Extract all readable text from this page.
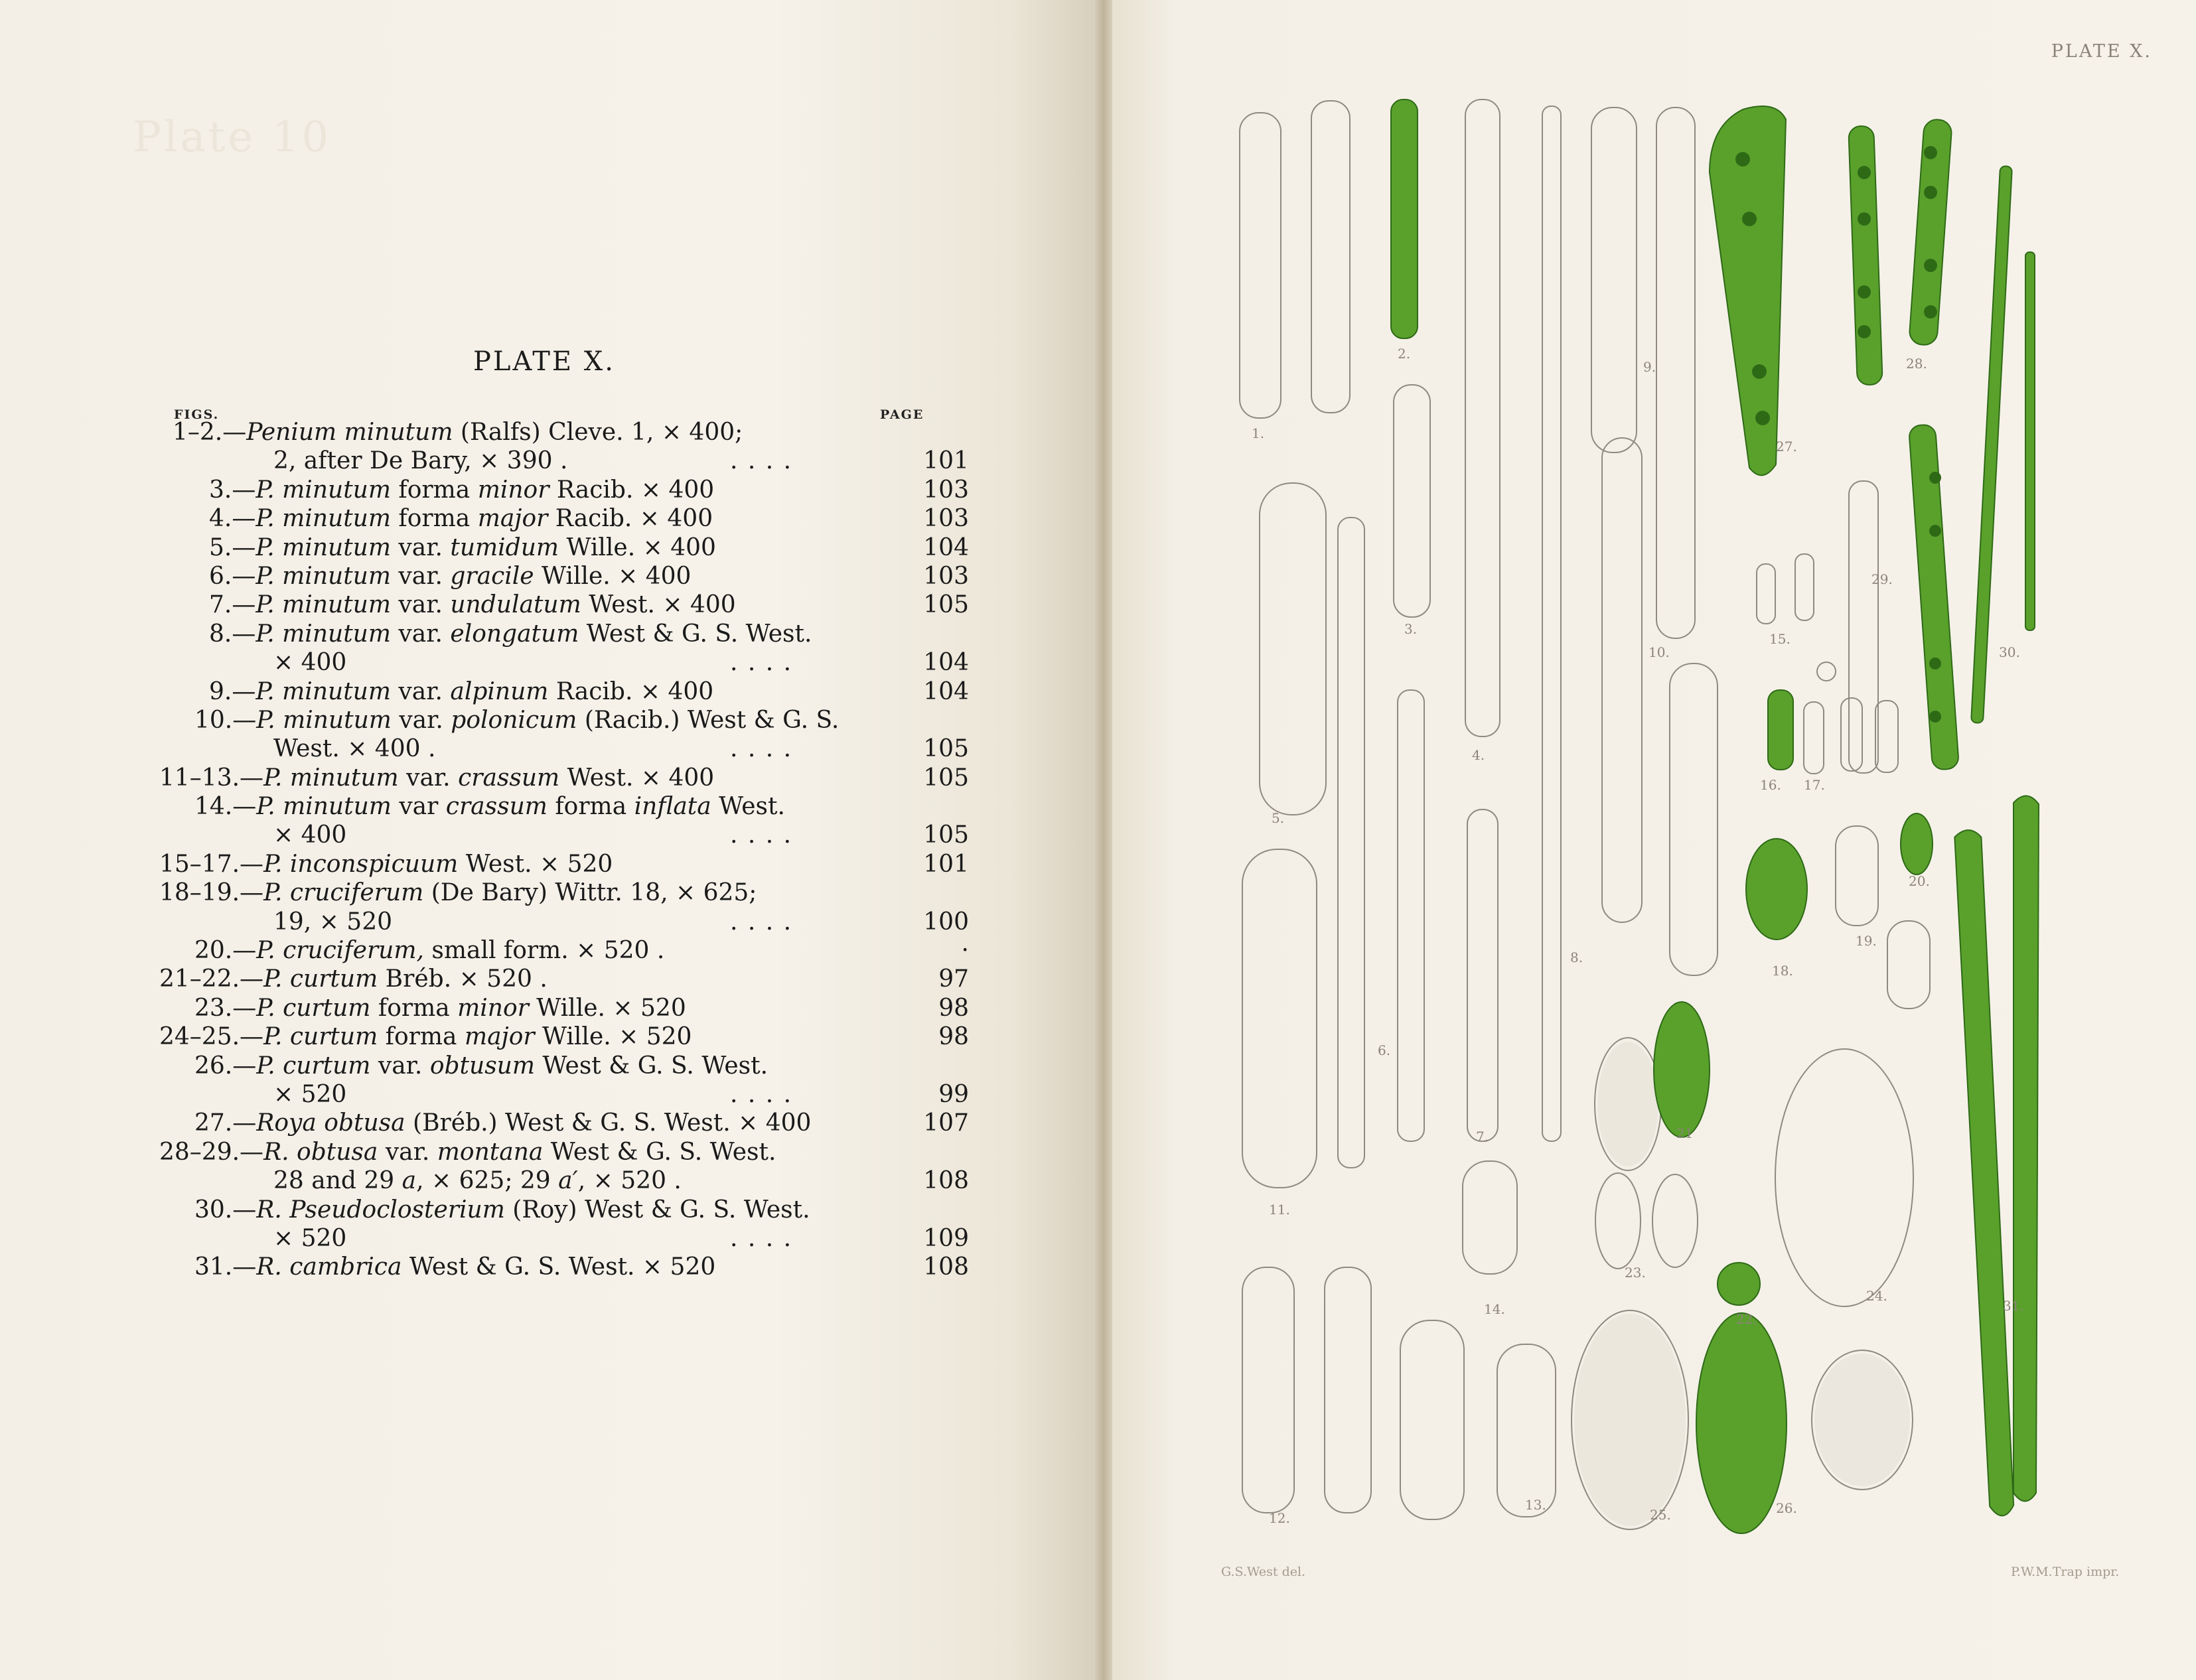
Plate 10
PLATE X.
FIGS.	PAGE
1–2.—Penium minutum (Ralfs) Cleve. 1, × 400;
2, after De Bary, × 390 .	. . . .	101
3.—P. minutum forma minor Racib. × 400	103
4.—P. minutum forma major Racib. × 400	103
5.—P. minutum var. tumidum Wille. × 400	104
6.—P. minutum var. gracile Wille. × 400	103
7.—P. minutum var. undulatum West. × 400	105
8.—P. minutum var. elongatum West & G. S. West.
× 400	. . . .	104
9.—P. minutum var. alpinum Racib. × 400	104
10.—P. minutum var. polonicum (Racib.) West & G. S.
West. × 400 .	. . . .	105
11–13.—P. minutum var. crassum West. × 400	105
14.—P. minutum var crassum forma inflata West.
× 400	. . . .	105
15–17.—P. inconspicuum West. × 520	101
18–19.—P. cruciferum (De Bary) Wittr. 18, × 625;
19, × 520	. . . .	100
20.—P. cruciferum, small form. × 520 .	·
21–22.—P. curtum Bréb. × 520 .	97
23.—P. curtum forma minor Wille. × 520	98
24–25.—P. curtum forma major Wille. × 520	98
26.—P. curtum var. obtusum West & G. S. West.
× 520	. . . .	99
27.—Roya obtusa (Bréb.) West & G. S. West. × 400	107
28–29.—R. obtusa var. montana West & G. S. West.
28 and 29 a, × 625; 29 a′, × 520 .	108
30.—R. Pseudoclosterium (Roy) West & G. S. West.
× 520	. . . .	109
31.—R. cambrica West & G. S. West. × 520	108
PLATE X.
G.S.West del.	P.W.M.Trap impr.
1.
2.
3.
4.
5.
6.
7.
8.
9.
10.
11.
12.
13.
14.
15.
16. 17.
18.
19.
20.
21
22.
23.
24.
25.	26.
27.
28.
29.
30.
31.
